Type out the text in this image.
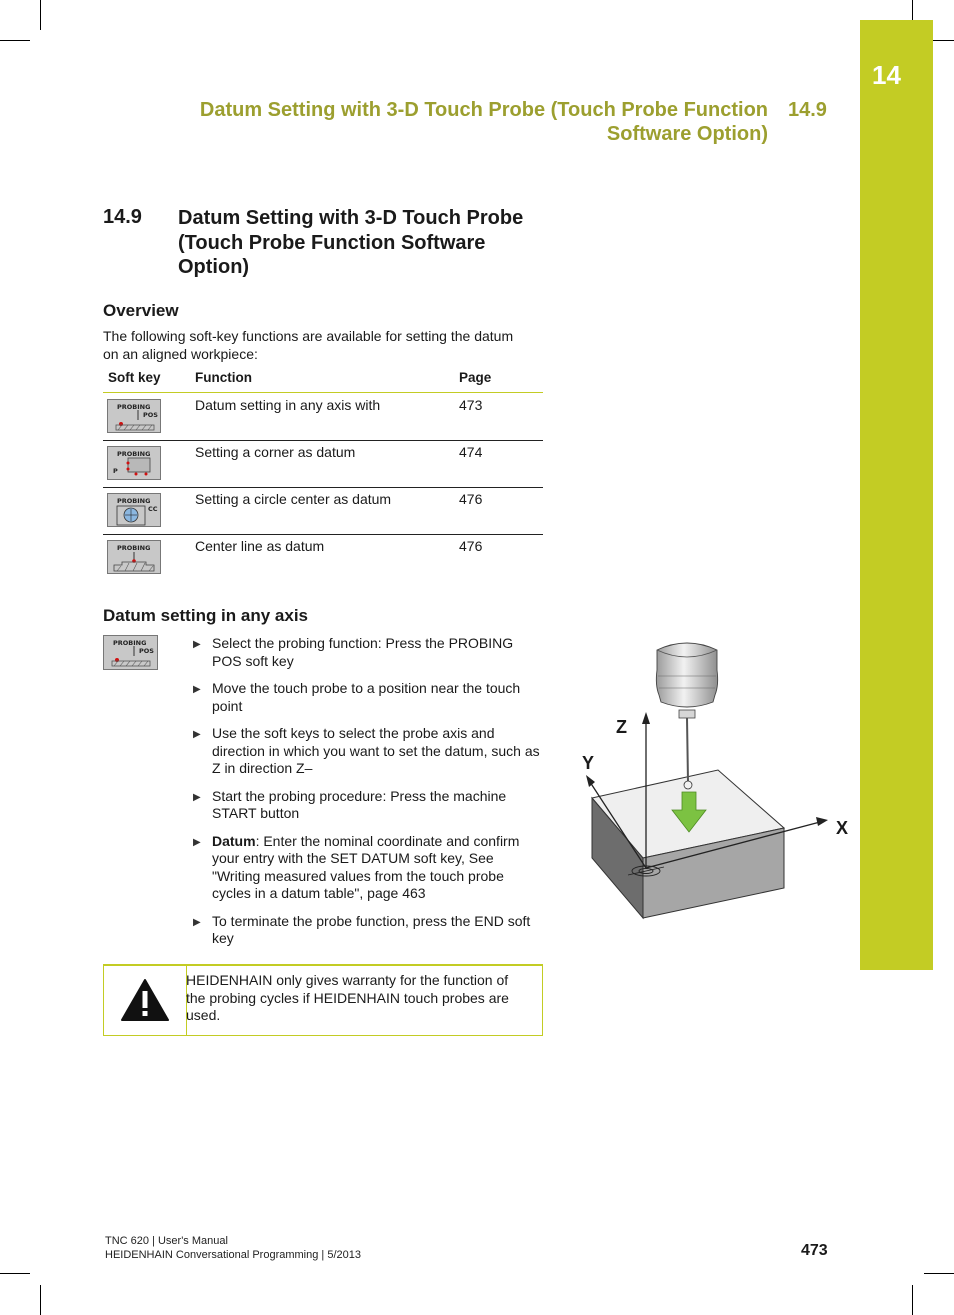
14
Datum Setting with 3-D Touch Probe (Touch Probe Function
Software Option)
14.9
14.9 Datum Setting with 3-D Touch Probe
(Touch Probe Function Software
Option)
Overview
The following soft-key functions are available for setting the datum
on an aligned workpiece:
Soft key	Function	Page
PROBING
POS
Datum setting in any axis with	473
PROBING
P
Setting a corner as datum	474
PROBING
CC
Setting a circle center as datum	476
PROBING	Center line as datum	476
Datum setting in any axis
PROBING
POS
▶ Select the probing function: Press the PROBING POS soft key
▶ Move the touch probe to a position near the touch point
▶ Use the soft keys to select the probe axis and direction in which you want to set the datum, such as Z in direction Z–
▶ Start the probing procedure: Press the machine START button
▶ Datum: Enter the nominal coordinate and confirm your entry with the SET DATUM soft key, See "Writing measured values from the touch probe cycles in a datum table", page 463
▶ To terminate the probe function, press the END soft key
Z
Y
X
HEIDENHAIN only gives warranty for the function of the probing cycles if HEIDENHAIN touch probes are used.
TNC 620 | User's Manual
HEIDENHAIN Conversational Programming | 5/2013	473
